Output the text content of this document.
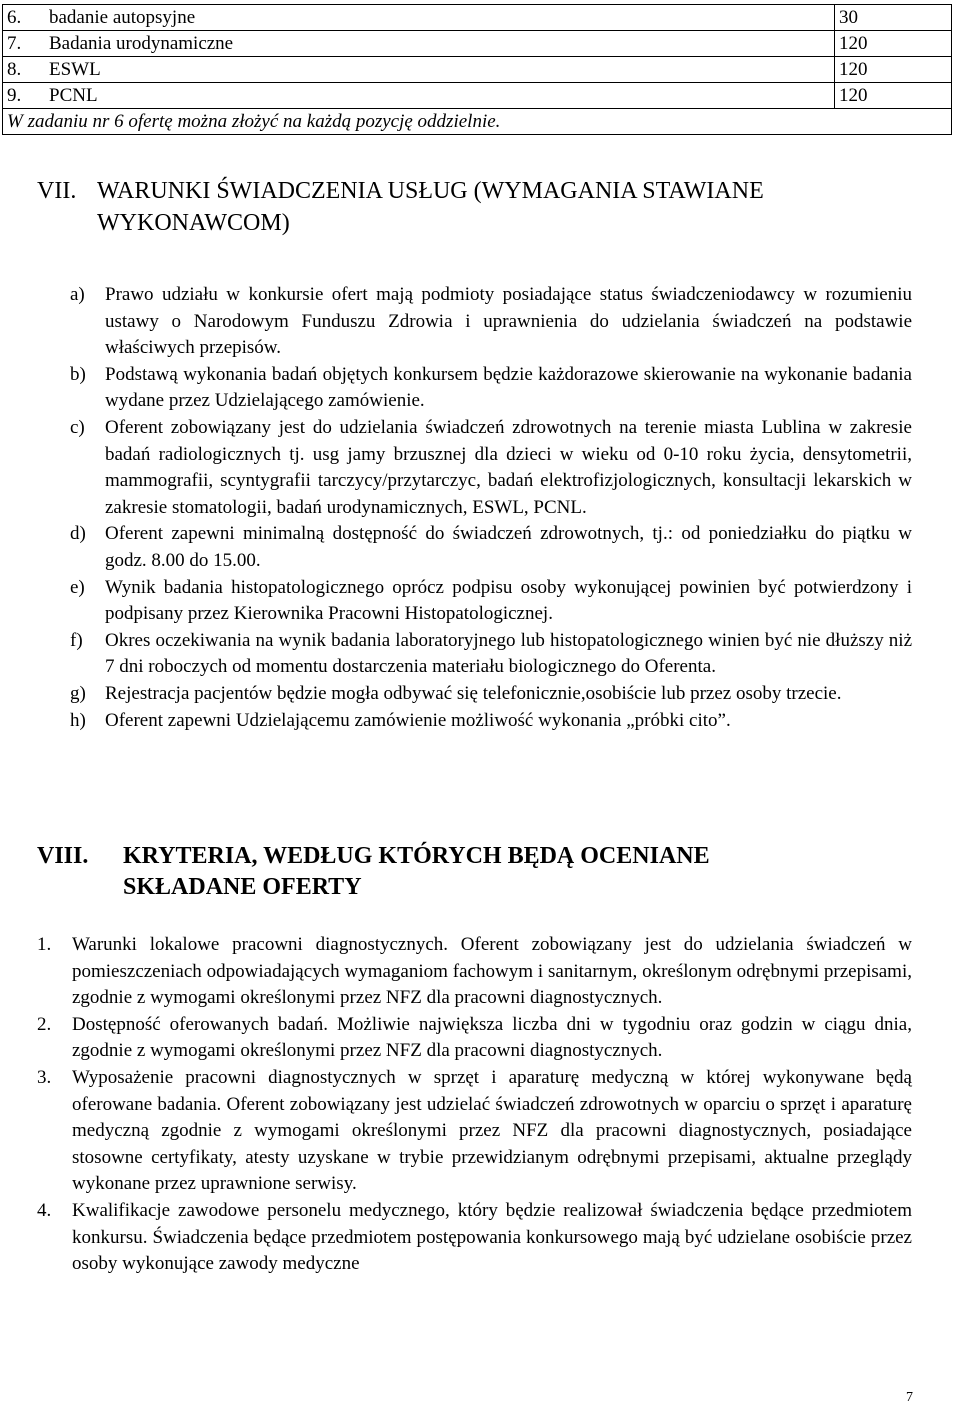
6.	badanie autopsyjne	30
7.	Badania urodynamiczne	120
8.	ESWL	120
9.	PCNL	120
W zadaniu nr 6 ofertę można złożyć na każdą pozycję oddzielnie.		
VII. WARUNKI ŚWIADCZENIA USŁUG (WYMAGANIA STAWIANE
WYKONAWCOM)
a) Prawo udziału w konkursie ofert mają podmioty posiadające status świadczeniodawcy w rozumieniu ustawy o Narodowym Funduszu Zdrowia i uprawnienia do udzielania świadczeń na podstawie właściwych przepisów.

b) Podstawą wykonania badań objętych konkursem będzie każdorazowe skierowanie na wykonanie badania wydane przez Udzielającego zamówienie.

c) Oferent zobowiązany jest do udzielania świadczeń zdrowotnych na terenie miasta Lublina w zakresie badań radiologicznych tj. usg jamy brzusznej dla dzieci w wieku od 0-10 roku życia, densytometrii, mammografii, scyntygrafii tarczycy/przytarczyc, badań elektrofizjologicznych, konsultacji lekarskich w zakresie stomatologii, badań urodynamicznych, ESWL, PCNL.

d) Oferent zapewni minimalną dostępność do świadczeń zdrowotnych, tj.: od poniedziałku do piątku w godz. 8.00 do 15.00.

e) Wynik badania histopatologicznego oprócz podpisu osoby wykonującej powinien być potwierdzony i podpisany przez Kierownika Pracowni Histopatologicznej.

f) Okres oczekiwania na wynik badania laboratoryjnego lub histopatologicznego winien być nie dłuższy niż 7 dni roboczych od momentu dostarczenia materiału biologicznego do Oferenta.

g) Rejestracja pacjentów będzie mogła odbywać się telefonicznie,osobiście lub przez osoby trzecie.

h) Oferent zapewni Udzielającemu zamówienie możliwość wykonania „próbki cito”.

VIII. KRYTERIA, WEDŁUG KTÓRYCH BĘDĄ OCENIANE
SKŁADANE OFERTY
1. Warunki lokalowe pracowni diagnostycznych. Oferent zobowiązany jest do udzielania świadczeń w pomieszczeniach odpowiadających wymaganiom fachowym i sanitarnym, określonym odrębnymi przepisami, zgodnie z wymogami określonymi przez NFZ dla pracowni diagnostycznych.

2. Dostępność oferowanych badań. Możliwie największa liczba dni w tygodniu oraz godzin w ciągu dnia, zgodnie z wymogami określonymi przez NFZ dla pracowni diagnostycznych.

3. Wyposażenie pracowni diagnostycznych w sprzęt i aparaturę medyczną w której wykonywane będą oferowane badania. Oferent zobowiązany jest udzielać świadczeń zdrowotnych w oparciu o sprzęt i aparaturę medyczną zgodnie z wymogami określonymi przez NFZ dla pracowni diagnostycznych, posiadające stosowne certyfikaty, atesty uzyskane w trybie przewidzianym odrębnymi przepisami, aktualne przeglądy wykonane przez uprawnione serwisy.

4. Kwalifikacje zawodowe personelu medycznego, który będzie realizował świadczenia będące przedmiotem konkursu. Świadczenia będące przedmiotem postępowania konkursowego mają być udzielane osobiście przez osoby wykonujące zawody medyczne

7
